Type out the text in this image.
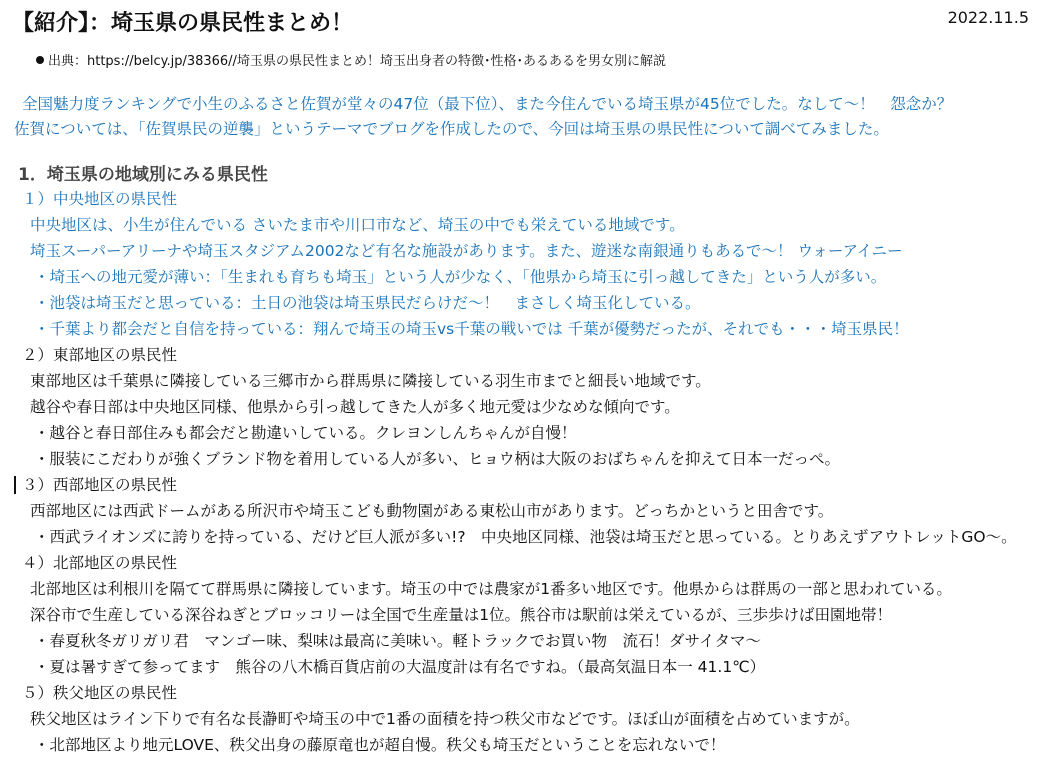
【紹介】：埼玉県の県民性まとめ！	2022.11.5
出典：https://belcy.jp/38366//埼玉県の県民性まとめ！埼玉出身者の特徴･性格･あるあるを男女別に解説
全国魅力度ランキングで小生のふるさと佐賀が堂々の47位（最下位）、また今住んでいる埼玉県が45位でした。なして～！　怨念か？
佐賀については、「佐賀県民の逆襲」というテーマでブログを作成したので、今回は埼玉県の県民性について調べてみました。
1．埼玉県の地域別にみる県民性
１）中央地区の県民性
中央地区は、小生が住んでいる さいたま市や川口市など、埼玉の中でも栄えている地域です。
埼玉スーパーアリーナや埼玉スタジアム2002など有名な施設があります。また、遊迷な南銀通りもあるで～！ ウォーアイニー
・埼玉への地元愛が薄い：「生まれも育ちも埼玉」という人が少なく、「他県から埼玉に引っ越してきた」という人が多い。
・池袋は埼玉だと思っている：土日の池袋は埼玉県民だらけだ～！　まさしく埼玉化している。
・千葉より都会だと自信を持っている：翔んで埼玉の埼玉vs千葉の戦いでは 千葉が優勢だったが、それでも・・・埼玉県民！
２）東部地区の県民性
東部地区は千葉県に隣接している三郷市から群馬県に隣接している羽生市までと細長い地域です。
越谷や春日部は中央地区同様、他県から引っ越してきた人が多く地元愛は少なめな傾向です。
・越谷と春日部住みも都会だと勘違いしている。クレヨンしんちゃんが自慢！
・服装にこだわりが強くブランド物を着用している人が多い、ヒョウ柄は大阪のおばちゃんを抑えて日本一だっぺ。
３）西部地区の県民性
西部地区には西武ドームがある所沢市や埼玉こども動物園がある東松山市があります。どっちかというと田舎です。
・西武ライオンズに誇りを持っている、だけど巨人派が多い!?　中央地区同様、池袋は埼玉だと思っている。とりあえずアウトレットGO～。
４）北部地区の県民性
北部地区は利根川を隔てて群馬県に隣接しています。埼玉の中では農家が1番多い地区です。他県からは群馬の一部と思われている。
深谷市で生産している深谷ねぎとブロッコリーは全国で生産量は1位。熊谷市は駅前は栄えているが、三歩歩けば田園地帯！
・春夏秋冬ガリガリ君　マンゴー味、梨味は最高に美味い。軽トラックでお買い物　流石！ダサイタマ～
・夏は暑すぎて参ってます　熊谷の八木橋百貨店前の大温度計は有名ですね。（最高気温日本一 41.1℃）
５）秩父地区の県民性
秩父地区はライン下りで有名な長瀞町や埼玉の中で1番の面積を持つ秩父市などです。ほぼ山が面積を占めていますが。
・北部地区より地元LOVE、秩父出身の藤原竜也が超自慢。秩父も埼玉だということを忘れないで！
